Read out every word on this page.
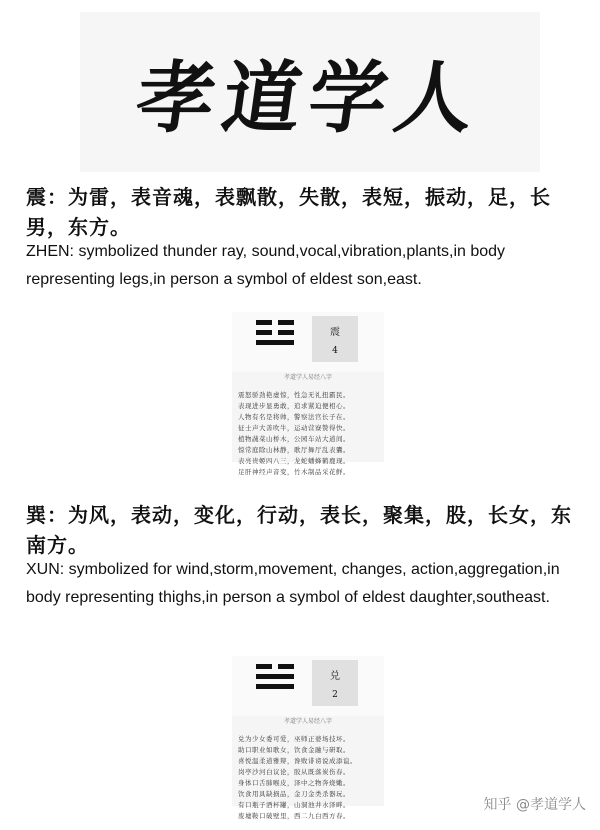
孝道学人
震：为雷，表音魂，表飘散，失散，表短，振动，足，长男，东方。
ZHEN: symbolized thunder ray, sound,vocal,vibration,plants,in body representing legs,in person a symbol of eldest son,east.
震
4
孝道学人易经八字
震怒骄劲艳虚惊，性急无礼扭霸民。
表现进步显勇敢，追求紧迫便相心。
人物有名是将帅，警察法官长子在。
征士声大善吹牛，运动营寮赞得快。
植物蔬菜山桥木，公园车站大道间。
惊常庭除山林静，歌厅舞厅乱表囊。
表亮贵姬四八三，龙蛇蟠蜂鹤鹿现。
足肝神经声音变，竹木制品采花鲜。
巽：为风，表动，变化，行动，表长，聚集，股，长女，东南方。
XUN: symbolized for wind,storm,movement, changes, action,aggregation,in body representing thighs,in person a symbol of eldest daughter,southeast.
兑
2
孝道学人易经八字
兑为少女委可爱，巫师正婆场技坏。
助口职业如歌女，饮食金融与研取。
喜悦温柔道雅辩，谗败诽谤说成添谊。
岗亭沙河白议论，胶从既落炭伤春。
身体口舌肺喉皮，泽中之物奔烧嫩。
饮食用具缺损品，金刀金类杀器玩。
有口瓶子酒杯罐，山洞池井水泽畔。
废墟鞍口破壁里，西二九白西方春。
知乎 @孝道学人
